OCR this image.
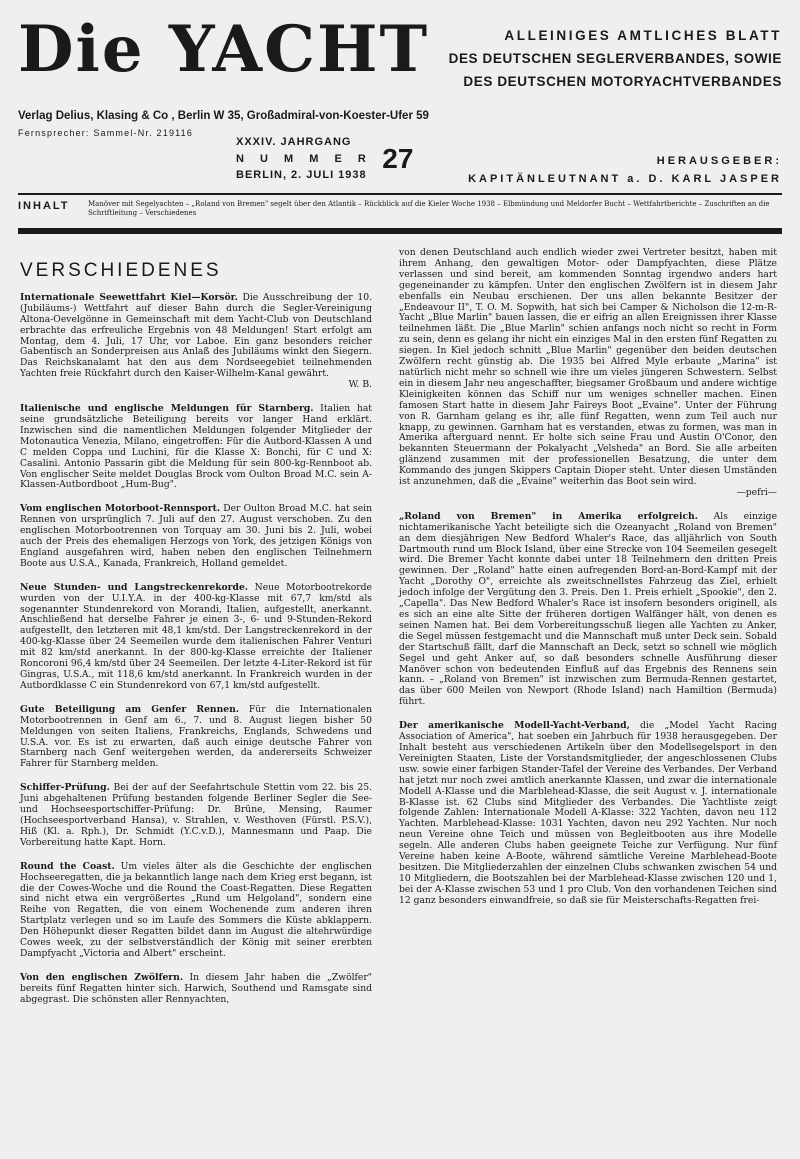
Die YACHT	ALLEINIGES AMTLICHES BLATT
DES DEUTSCHEN SEGLERVERBANDES, SOWIE
DES DEUTSCHEN MOTORYACHTVERBANDES
Verlag Delius, Klasing & Co , Berlin W 35, Großadmiral-von-Koester-Ufer 59
Fernsprecher: Sammel-Nr. 219116
XXXIV. JAHRGANG
N U M M E R 27
BERLIN, 2. JULI 1938
HERAUSGEBER:
KAPITÄNLEUTNANT a. D. KARL JASPER
INHALT	Manöver mit Segelyachten – „Roland von Bremen" segelt über den Atlantik – Rückblick auf die Kieler Woche 1938 – Elbmündung und Meldorfer Bucht – Wettfahrtberichte – Zuschriften an die Schriftleitung – Verschiedenes
VERSCHIEDENES
Internationale Seewettfahrt Kiel—Korsör. Die Ausschreibung der 10. (Jubiläums-) Wettfahrt auf dieser Bahn durch die Segler-Vereinigung Altona-Oevelgönne in Gemeinschaft mit dem Yacht-Club von Deutschland erbrachte das erfreuliche Ergebnis von 48 Meldungen! Start erfolgt am Montag, dem 4. Juli, 17 Uhr, vor Laboe. Ein ganz besonders reicher Gabentisch an Sonderpreisen aus Anlaß des Jubiläums winkt den Siegern. Das Reichskanalamt hat den aus dem Nordseegebiet teilnehmenden Yachten freie Rückfahrt durch den Kaiser-Wilhelm-Kanal gewährt.
W. B.
Italienische und englische Meldungen für Starnberg. Italien hat seine grundsätzliche Beteiligung bereits vor langer Hand erklärt. Inzwischen sind die namentlichen Meldungen folgender Mitglieder der Motonautica Venezia, Milano, eingetroffen: Für die Autbord-Klassen A und C melden Coppa und Luchini, für die Klasse X: Bonchi, für C und X: Casalini. Antonio Passarin gibt die Meldung für sein 800-kg-Rennboot ab. Von englischer Seite meldet Douglas Brock vom Oulton Broad M.C. sein A-Klassen-Autbordboot „Hum-Bug".
Vom englischen Motorboot-Rennsport. Der Oulton Broad M.C. hat sein Rennen von ursprünglich 7. Juli auf den 27. August verschoben. Zu den englischen Motorbootrennen von Torquay am 30. Juni bis 2. Juli, wobei auch der Preis des ehemaligen Herzogs von York, des jetzigen Königs von England ausgefahren wird, haben neben den englischen Teilnehmern Boote aus U.S.A., Kanada, Frankreich, Holland gemeldet.
Neue Stunden- und Langstreckenrekorde. Neue Motorbootrekorde wurden von der U.I.Y.A. in der 400-kg-Klasse mit 67,7 km/std als sogenannter Stundenrekord von Morandi, Italien, aufgestellt, anerkannt. Anschließend hat derselbe Fahrer je einen 3-, 6- und 9-Stunden-Rekord aufgestellt, den letzteren mit 48,1 km/std. Der Langstreckenrekord in der 400-kg-Klasse über 24 Seemeilen wurde dem italienischen Fahrer Venturi mit 82 km/std anerkannt. In der 800-kg-Klasse erreichte der Italiener Roncoroni 96,4 km/std über 24 Seemeilen. Der letzte 4-Liter-Rekord ist für Gingras, U.S.A., mit 118,6 km/std anerkannt. In Frankreich wurden in der Autbordklasse C ein Stundenrekord von 67,1 km/std aufgestellt.
Gute Beteiligung am Genfer Rennen. Für die Internationalen Motorbootrennen in Genf am 6., 7. und 8. August liegen bisher 50 Meldungen von seiten Italiens, Frankreichs, Englands, Schwedens und U.S.A. vor. Es ist zu erwarten, daß auch einige deutsche Fahrer von Starnberg nach Genf weitergehen werden, da andererseits Schweizer Fahrer für Starnberg melden.
Schiffer-Prüfung. Bei der auf der Seefahrtschule Stettin vom 22. bis 25. Juni abgehaltenen Prüfung bestanden folgende Berliner Segler die See- und Hochseesportschiffer-Prüfung: Dr. Brüne, Mensing, Raumer (Hochseesportverband Hansa), v. Strahlen, v. Westhoven (Fürstl. P.S.V.), Hiß (Kl. a. Rph.), Dr. Schmidt (Y.C.v.D.), Mannesmann und Paap. Die Vorbereitung hatte Kapt. Horn.
Round the Coast. Um vieles älter als die Geschichte der englischen Hochseeregatten, die ja bekanntlich lange nach dem Krieg erst begann, ist die der Cowes-Woche und die Round the Coast-Regatten. Diese Regatten sind nicht etwa ein vergrößertes „Rund um Helgoland", sondern eine Reihe von Regatten, die von einem Wochenende zum anderen ihren Startplatz verlegen und so im Laufe des Sommers die Küste abklappern. Den Höhepunkt dieser Regatten bildet dann im August die altehrwürdige Cowes week, zu der selbstverständlich der König mit seiner ererbten Dampfyacht „Victoria and Albert" erscheint.
Von den englischen Zwölfern. In diesem Jahr haben die „Zwölfer" bereits fünf Regatten hinter sich. Harwich, Southend und Ramsgate sind abgegrast. Die schönsten aller Rennyachten,
von denen Deutschland auch endlich wieder zwei Vertreter besitzt, haben mit ihrem Anhang, den gewaltigen Motor- oder Dampfyachten, diese Plätze verlassen und sind bereit, am kommenden Sonntag irgendwo anders hart gegeneinander zu kämpfen. Unter den englischen Zwölfern ist in diesem Jahr ebenfalls ein Neubau erschienen. Der uns allen bekannte Besitzer der „Endeavour II", T. O. M. Sopwith, hat sich bei Camper & Nicholson die 12-m-R-Yacht „Blue Marlin" bauen lassen, die er eifrig an allen Ereignissen ihrer Klasse teilnehmen läßt. Die „Blue Marlin" schien anfangs noch nicht so recht in Form zu sein, denn es gelang ihr nicht ein einziges Mal in den ersten fünf Regatten zu siegen. In Kiel jedoch schnitt „Blue Marlin" gegenüber den beiden deutschen Zwölfern recht günstig ab. Die 1935 bei Alfred Myle erbaute „Marina" ist natürlich nicht mehr so schnell wie ihre um vieles jüngeren Schwestern. Selbst ein in diesem Jahr neu angeschaffter, biegsamer Großbaum und andere wichtige Kleinigkeiten können das Schiff nur um weniges schneller machen. Einen famosen Start hatte in diesem Jahr Faireys Boot „Evaine". Unter der Führung von R. Garnham gelang es ihr, alle fünf Regatten, wenn zum Teil auch nur knapp, zu gewinnen. Garnham hat es verstanden, etwas zu formen, was man in Amerika afterguard nennt. Er holte sich seine Frau und Austin O'Conor, den bekannten Steuermann der Pokalyacht „Velsheda" an Bord. Sie alle arbeiten glänzend zusammen mit der professionellen Besatzung, die unter dem Kommando des jungen Skippers Captain Dioper steht. Unter diesen Umständen ist anzunehmen, daß die „Evaine" weiterhin das Boot sein wird.
—pefri—
„Roland von Bremen" in Amerika erfolgreich. Als einzige nichtamerikanische Yacht beteiligte sich die Ozeanyacht „Roland von Bremen" an dem diesjährigen New Bedford Whaler's Race, das alljährlich von South Dartmouth rund um Block Island, über eine Strecke von 104 Seemeilen gesegelt wird. Die Bremer Yacht konnte dabei unter 18 Teilnehmern den dritten Preis gewinnen. Der „Roland" hatte einen aufregenden Bord-an-Bord-Kampf mit der Yacht „Dorothy O", erreichte als zweitschnellstes Fahrzeug das Ziel, erhielt jedoch infolge der Vergütung den 3. Preis. Den 1. Preis erhielt „Spookie", den 2. „Capella". Das New Bedford Whaler's Race ist insofern besonders originell, als es sich an eine alte Sitte der früheren dortigen Walfänger hält, von denen es seinen Namen hat. Bei dem Vorbereitungsschuß liegen alle Yachten zu Anker, die Segel müssen festgemacht und die Mannschaft muß unter Deck sein. Sobald der Startschuß fällt, darf die Mannschaft an Deck, setzt so schnell wie möglich Segel und geht Anker auf, so daß besonders schnelle Ausführung dieser Manöver schon von bedeutenden Einfluß auf das Ergebnis des Rennens sein kann. – „Roland von Bremen" ist inzwischen zum Bermuda-Rennen gestartet, das über 600 Meilen von Newport (Rhode Island) nach Hamiltion (Bermuda) führt.
Der amerikanische Modell-Yacht-Verband, die „Model Yacht Racing Association of America", hat soeben ein Jahrbuch für 1938 herausgegeben. Der Inhalt besteht aus verschiedenen Artikeln über den Modellsegelsport in den Vereinigten Staaten, Liste der Vorstandsmitglieder, der angeschlossenen Clubs usw. sowie einer farbigen Stander-Tafel der Vereine des Verbandes. Der Verband hat jetzt nur noch zwei amtlich anerkannte Klassen, und zwar die internationale Modell A-Klasse und die Marblehead-Klasse, die seit August v. J. internationale B-Klasse ist. 62 Clubs sind Mitglieder des Verbandes. Die Yachtliste zeigt folgende Zahlen: Internationale Modell A-Klasse: 322 Yachten, davon neu 112 Yachten. Marblehead-Klasse: 1031 Yachten, davon neu 292 Yachten. Nur noch neun Vereine ohne Teich und müssen von Begleitbooten aus ihre Modelle segeln. Alle anderen Clubs haben geeignete Teiche zur Verfügung. Nur fünf Vereine haben keine A-Boote, während sämtliche Vereine Marblehead-Boote besitzen. Die Mitgliederzahlen der einzelnen Clubs schwanken zwischen 54 und 10 Mitgliedern, die Bootszahlen bei der Marblehead-Klasse zwischen 120 und 1, bei der A-Klasse zwischen 53 und 1 pro Club. Von den vorhandenen Teichen sind 12 ganz besonders einwandfreie, so daß sie für Meisterschafts-Regatten frei-
